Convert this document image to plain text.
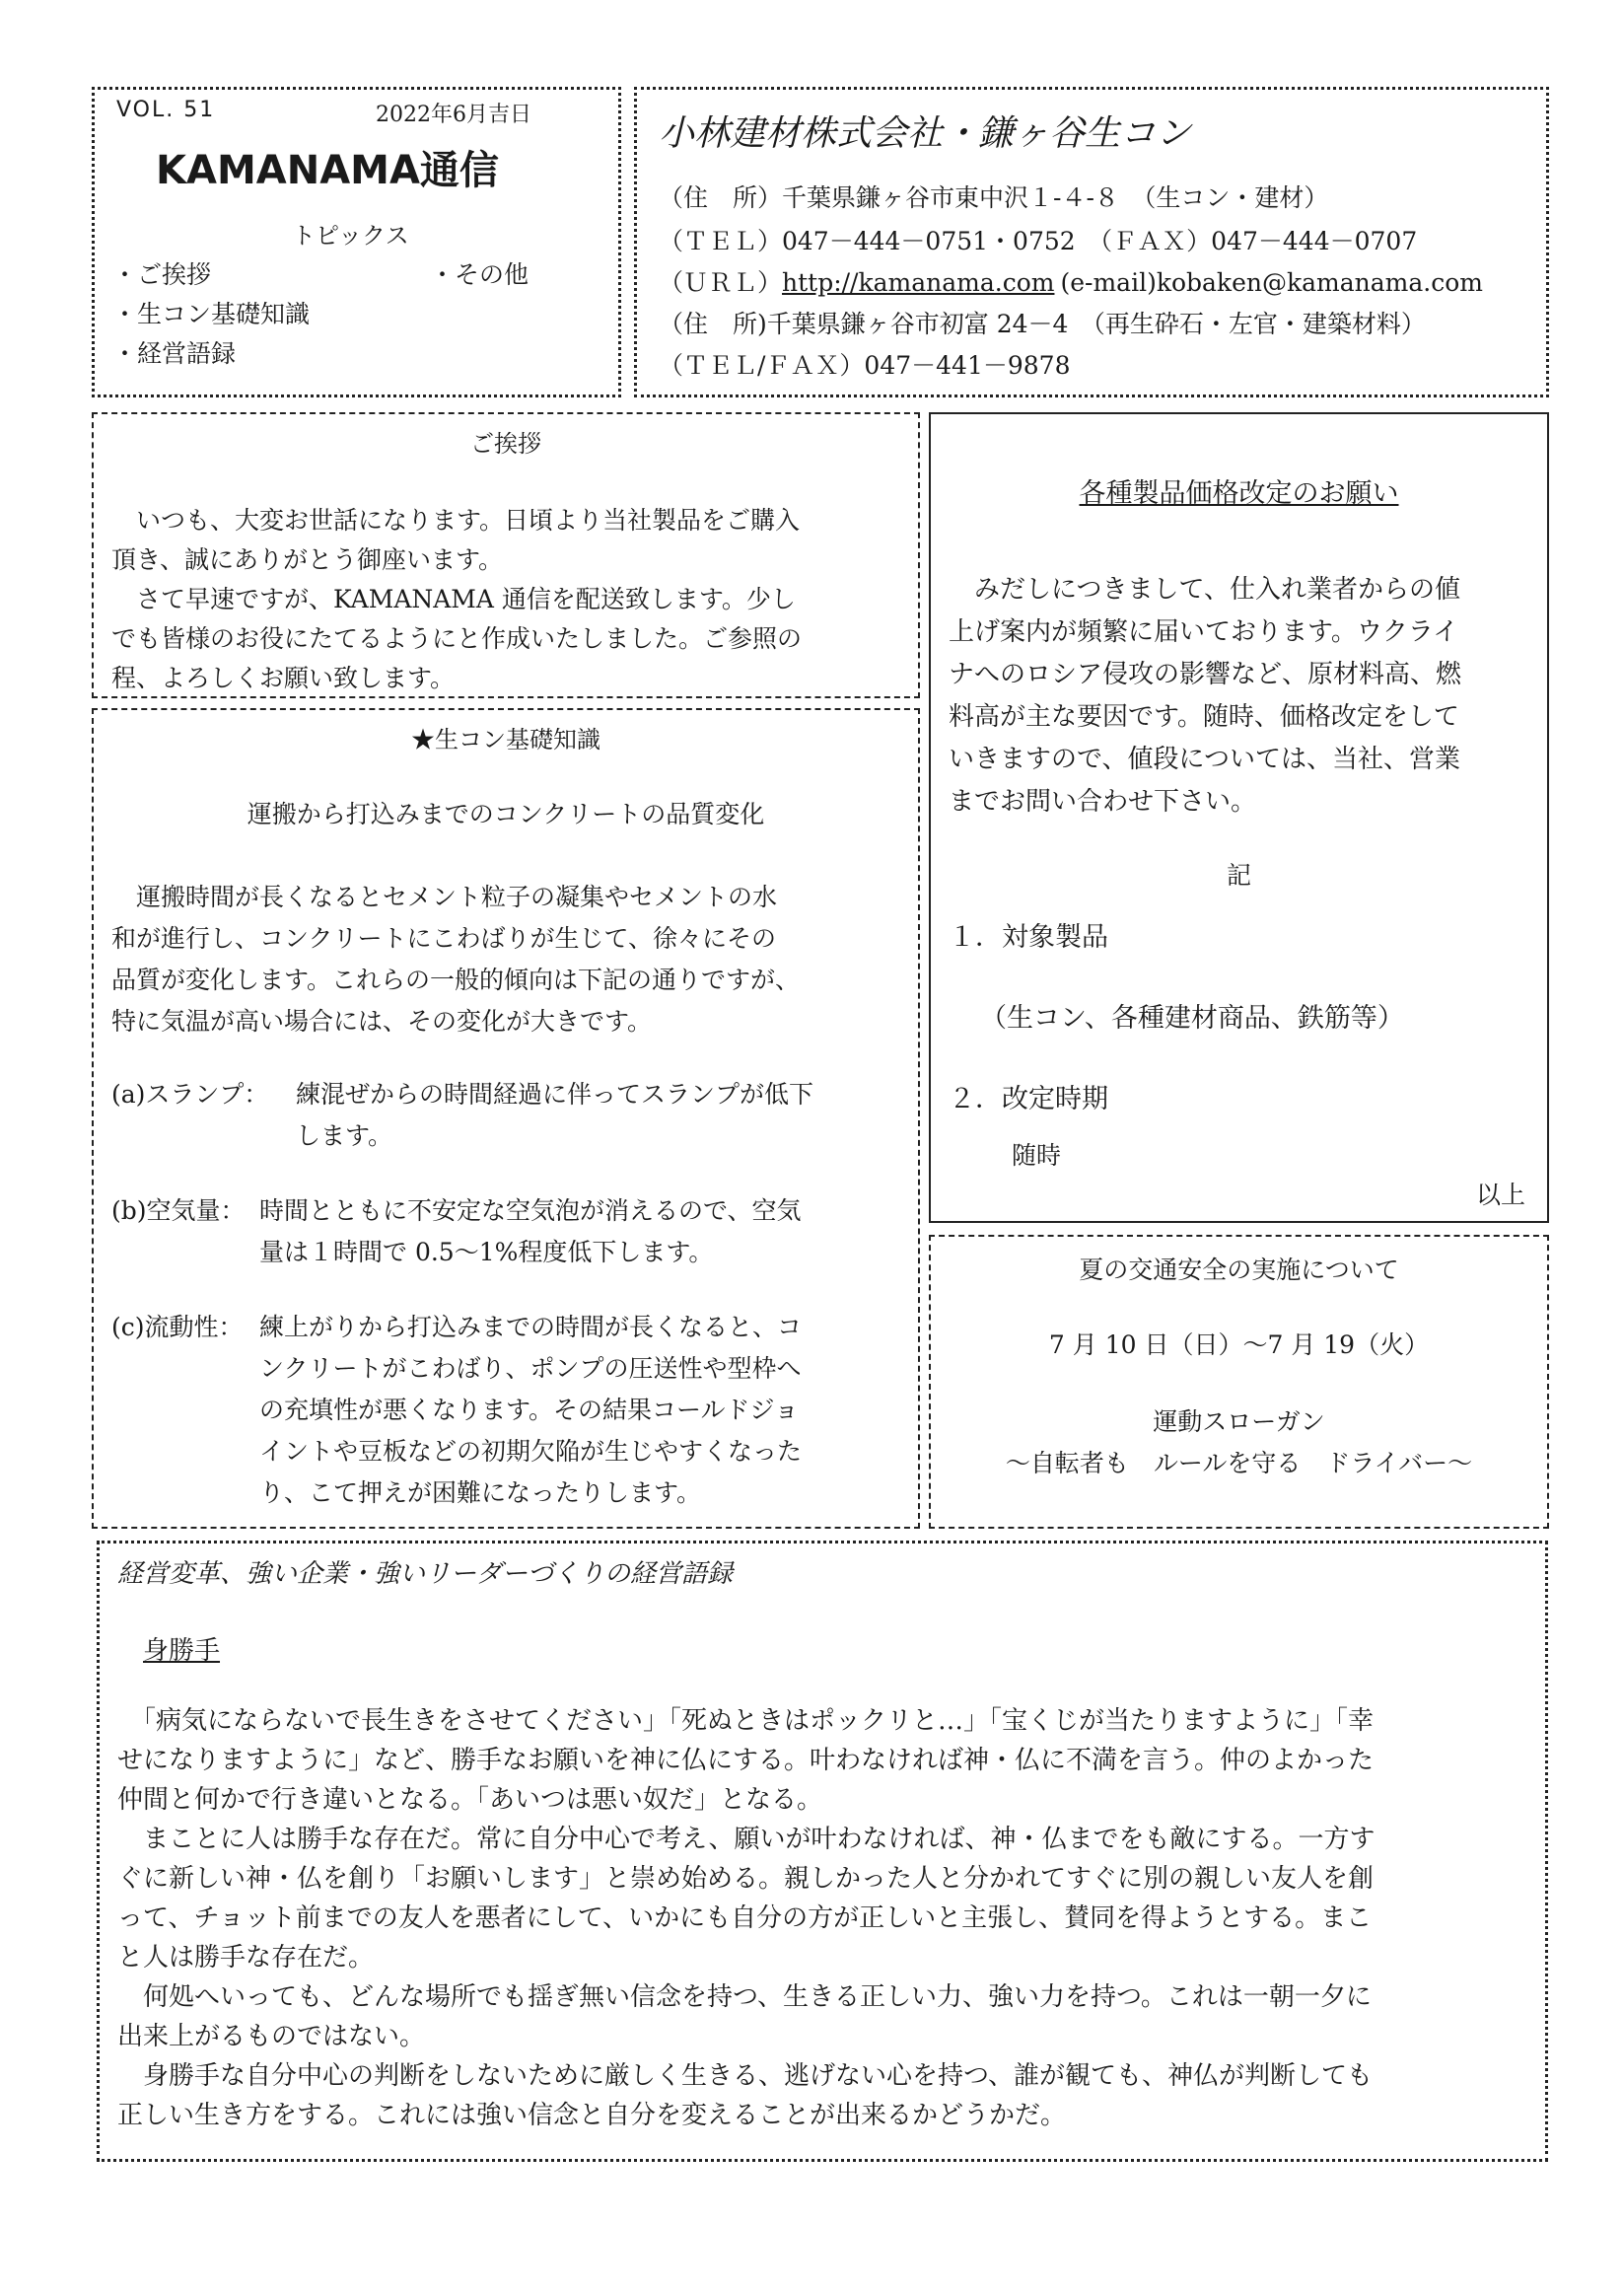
VOL. 51	2022年6月吉日
KAMANAMA通信
トピックス
・ご挨拶	・その他
・生コン基礎知識
・経営語録
小林建材株式会社・鎌ヶ谷生コン
（住　所）千葉県鎌ヶ谷市東中沢１-４-８　（生コン・建材）
（ＴＥＬ）047－444－0751・0752　（ＦＡＸ）047－444－0707
（ＵＲＬ）http://kamanama.com (e-mail)kobaken@kamanama.com
（住　所)千葉県鎌ヶ谷市初富 24－4　（再生砕石・左官・建築材料）
（ＴＥＬ/ＦＡＸ）047－441－9878
ご挨拶
　いつも、大変お世話になります。日頃より当社製品をご購入
頂き、誠にありがとう御座います。
　さて早速ですが、KAMANAMA 通信を配送致します。少し
でも皆様のお役にたてるようにと作成いたしました。ご参照の
程、よろしくお願い致します。
★生コン基礎知識
運搬から打込みまでのコンクリートの品質変化
　運搬時間が長くなるとセメント粒子の凝集やセメントの水
和が進行し、コンクリートにこわばりが生じて、徐々にその
品質が変化します。これらの一般的傾向は下記の通りですが、
特に気温が高い場合には、その変化が大きです。
(a)スランプ： 練混ぜからの時間経過に伴ってスランプが低下
します。
(b)空気量： 時間とともに不安定な空気泡が消えるので、空気
量は１時間で 0.5～1%程度低下します。
(c)流動性： 練上がりから打込みまでの時間が長くなると、コ
ンクリートがこわばり、ポンプの圧送性や型枠へ
の充填性が悪くなります。その結果コールドジョ
イントや豆板などの初期欠陥が生じやすくなった
り、こて押えが困難になったりします。
各種製品価格改定のお願い
　みだしにつきまして、仕入れ業者からの値
上げ案内が頻繁に届いております。ウクライ
ナへのロシア侵攻の影響など、原材料高、燃
料高が主な要因です。随時、価格改定をして
いきますので、値段については、当社、営業
までお問い合わせ下さい。
記
１．対象製品
（生コン、各種建材商品、鉄筋等）
２．改定時期
随時
以上
夏の交通安全の実施について
7 月 10 日（日）～7 月 19（火）
運動スローガン
～自転者も　ルールを守る　ドライバー～
経営変革、強い企業・強いリーダーづくりの経営語録
身勝手
　「病気にならないで長生きをさせてください」「死ぬときはポックリと…」「宝くじが当たりますように」「幸
せになりますように」など、勝手なお願いを神に仏にする。叶わなければ神・仏に不満を言う。仲のよかった
仲間と何かで行き違いとなる。「あいつは悪い奴だ」となる。
　まことに人は勝手な存在だ。常に自分中心で考え、願いが叶わなければ、神・仏までをも敵にする。一方す
ぐに新しい神・仏を創り「お願いします」と崇め始める。親しかった人と分かれてすぐに別の親しい友人を創
って、チョット前までの友人を悪者にして、いかにも自分の方が正しいと主張し、賛同を得ようとする。まこ
と人は勝手な存在だ。
　何処へいっても、どんな場所でも揺ぎ無い信念を持つ、生きる正しい力、強い力を持つ。これは一朝一夕に
出来上がるものではない。
　身勝手な自分中心の判断をしないために厳しく生きる、逃げない心を持つ、誰が観ても、神仏が判断しても
正しい生き方をする。これには強い信念と自分を変えることが出来るかどうかだ。
